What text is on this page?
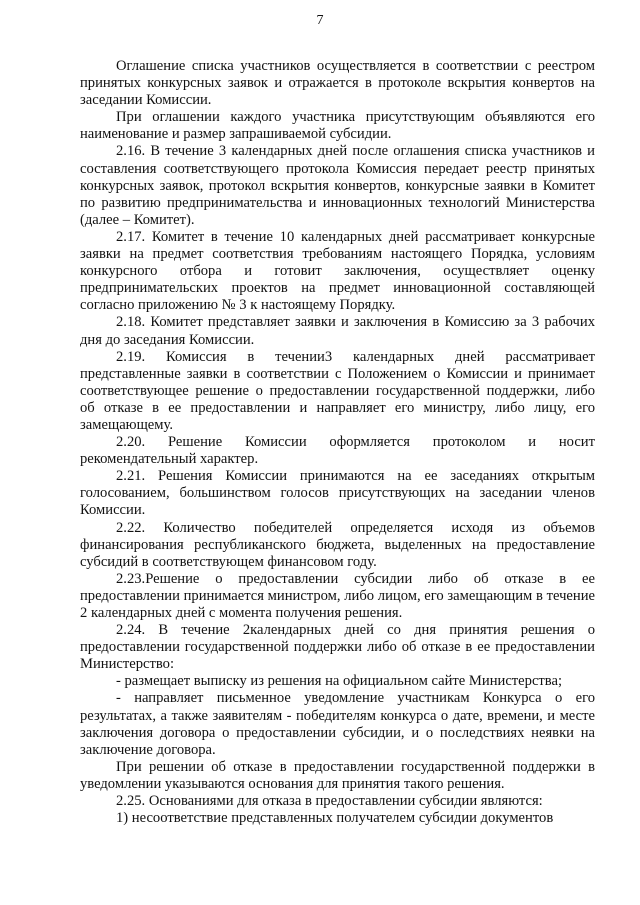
7

Оглашение списка участников осуществляется в соответствии с реестром принятых конкурсных заявок и отражается в протоколе вскрытия конвертов на заседании Комиссии.

При оглашении каждого участника присутствующим объявляются его наименование и размер запрашиваемой субсидии.

2.16. В течение 3 календарных дней после оглашения списка участников и составления соответствующего протокола Комиссия передает реестр принятых конкурсных заявок, протокол вскрытия конвертов, конкурсные заявки в Комитет по развитию предпринимательства и инновационных технологий Министерства (далее – Комитет).

2.17. Комитет в течение 10 календарных дней рассматривает конкурсные заявки на предмет соответствия требованиям настоящего Порядка, условиям конкурсного отбора и готовит заключения, осуществляет оценку предпринимательских проектов на предмет инновационной составляющей согласно приложению № 3 к настоящему Порядку.

2.18. Комитет представляет заявки и заключения в Комиссию за 3 рабочих дня до заседания Комиссии.

2.19. Комиссия в течении3 календарных дней рассматривает представленные заявки в соответствии с Положением о Комиссии и принимает соответствующее решение о предоставлении государственной поддержки, либо об отказе в ее предоставлении и направляет его министру, либо лицу, его замещающему.

2.20. Решение Комиссии оформляется протоколом и носит рекомендательный характер.

2.21. Решения Комиссии принимаются на ее заседаниях открытым голосованием, большинством голосов присутствующих на заседании членов Комиссии.

2.22. Количество победителей определяется исходя из объемов финансирования республиканского бюджета, выделенных на предоставление субсидий в соответствующем финансовом году.

2.23.Решение о предоставлении субсидии либо об отказе в ее предоставлении принимается министром, либо лицом, его замещающим в течение 2 календарных дней с момента получения решения.

2.24. В течение 2календарных дней со дня принятия решения о предоставлении государственной поддержки либо об отказе в ее предоставлении Министерство:

- размещает выписку из решения на официальном сайте Министерства;

- направляет письменное уведомление участникам Конкурса о его результатах, а также заявителям - победителям конкурса о дате, времени, и месте заключения договора о предоставлении субсидии, и о последствиях неявки на заключение договора.

При решении об отказе в предоставлении государственной поддержки в уведомлении указываются основания для принятия такого решения.

2.25. Основаниями для отказа в предоставлении субсидии являются:

1) несоответствие представленных получателем субсидии документов
